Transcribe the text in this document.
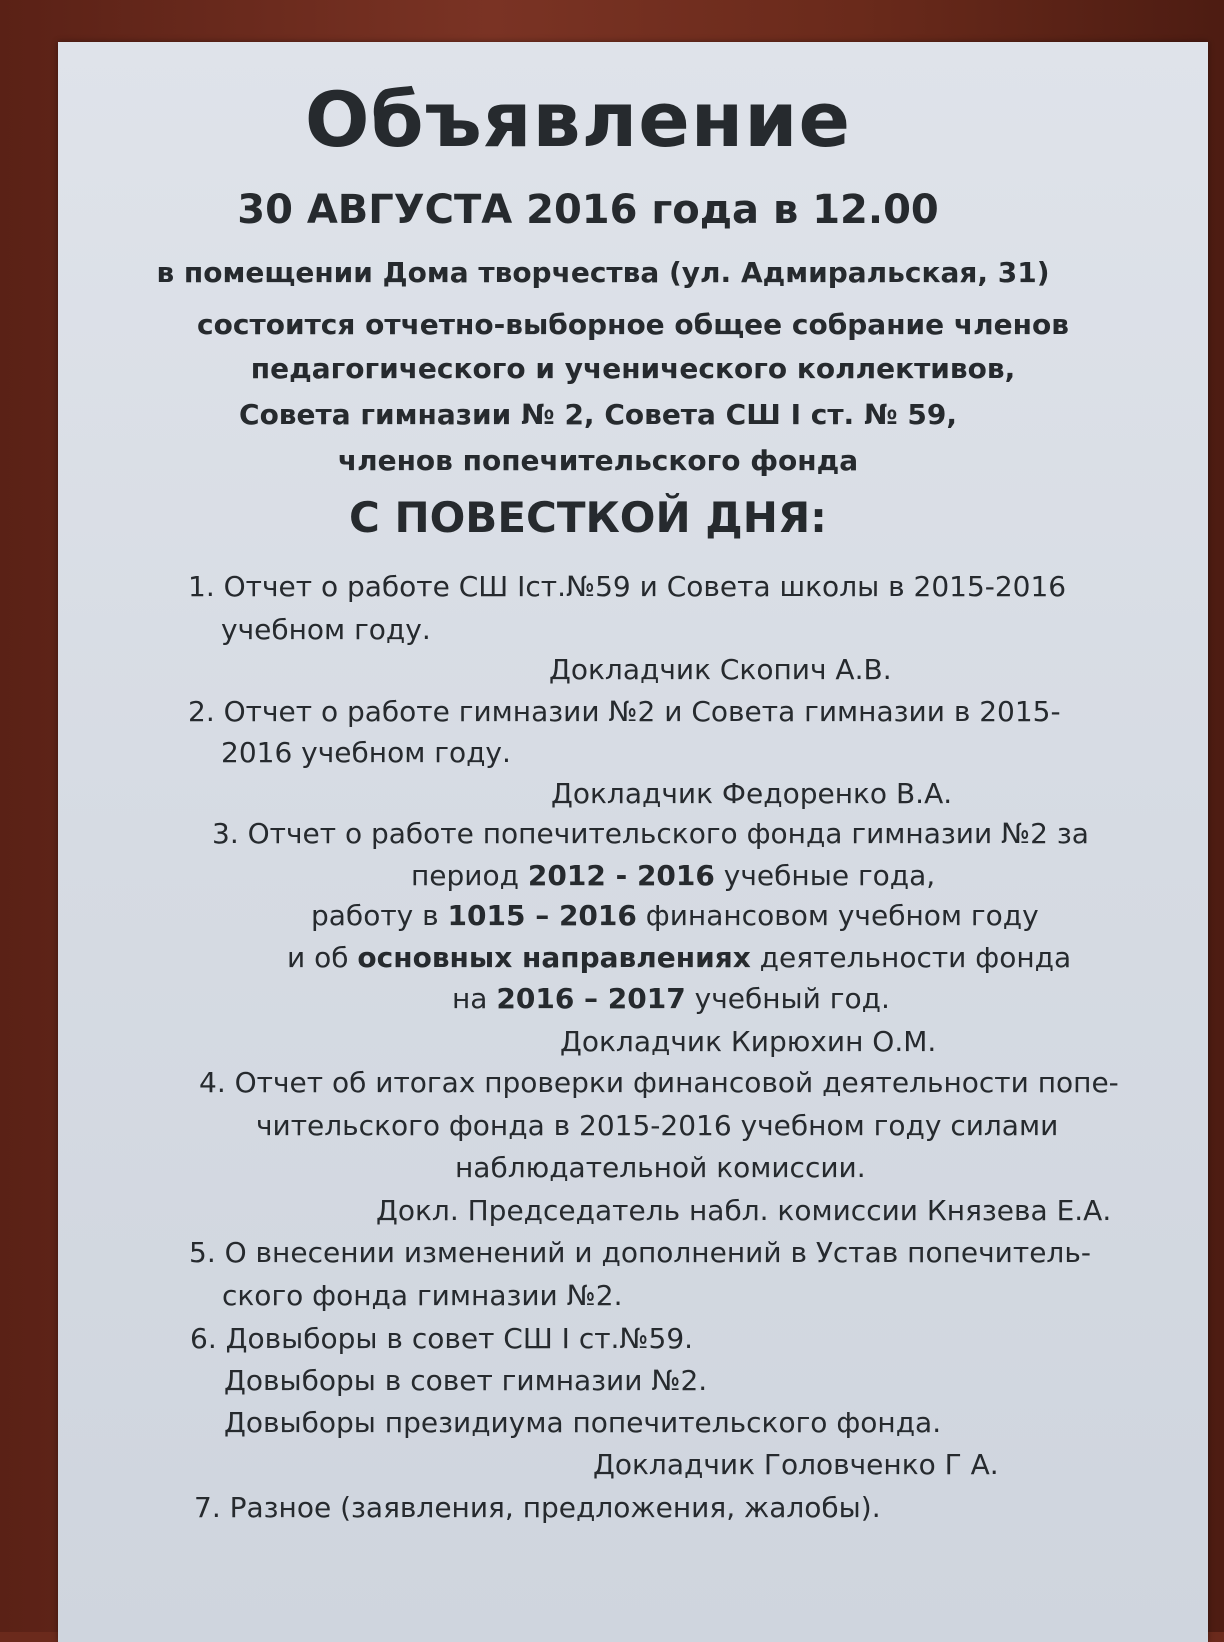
Объявление
30 АВГУСТА 2016 года в 12.00
в помещении Дома творчества (ул. Адмиральская, 31)
состоится отчетно-выборное общее собрание членов
педагогического и ученического коллективов,
Совета гимназии № 2, Совета СШ I ст. № 59,
членов попечительского фонда
С ПОВЕСТКОЙ ДНЯ:
1. Отчет о работе СШ Iст.№59 и Совета школы в 2015-2016
учебном году.
Докладчик Скопич А.В.
2. Отчет о работе гимназии №2 и Совета гимназии в 2015-
2016 учебном году.
Докладчик Федоренко В.А.
3. Отчет о работе попечительского фонда гимназии №2 за
период 2012 - 2016 учебные года,
работу в 1015 – 2016 финансовом учебном году
и об основных направлениях деятельности фонда
на 2016 – 2017 учебный год.
Докладчик Кирюхин О.М.
4. Отчет об итогах проверки финансовой деятельности попе-
чительского фонда в 2015-2016 учебном году силами
наблюдательной комиссии.
Докл. Председатель набл. комиссии Князева Е.А.
5. О внесении изменений и дополнений в Устав попечитель-
ского фонда гимназии №2.
6. Довыборы в совет СШ I ст.№59.
Довыборы в совет гимназии №2.
Довыборы президиума попечительского фонда.
Докладчик Головченко Г А.
7. Разное (заявления, предложения, жалобы).
